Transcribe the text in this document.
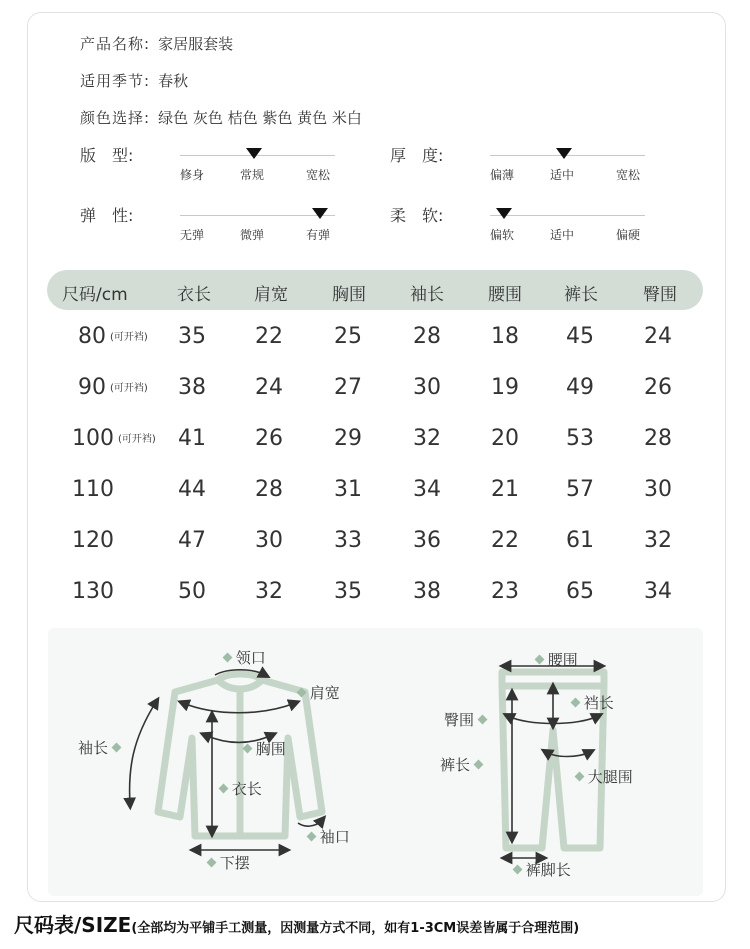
产品名称: 家居服套装
适用季节: 春秋
颜色选择: 绿色 灰色 桔色 紫色 黄色 米白
版　型:
修身	常规	宽松
厚　度:
偏薄	适中	宽松
弹　性:
无弹	微弹	有弹
柔　软:
偏软	适中	偏硬
尺码/cm	衣长	肩宽	胸围	袖长	腰围 裤长	臀围
80 (可开裆) 35 22 25 28 18 45 24
90 (可开裆) 38 24 27 30 19 49 26
100 (可开裆) 41 26 29 32 20 53 28
110	44 28 31 34 21 57 30
120	47 30 33 36 22 61 32
130	50 32 35 38 23 65 34
领口
肩宽
袖长	胸围
衣长
袖口
下摆
腰围
裆长
臀围
裤长
大腿围
裤脚长
尺码表/SIZE(全部均为平铺手工测量，因测量方式不同，如有1-3CM误差皆属于合理范围)
